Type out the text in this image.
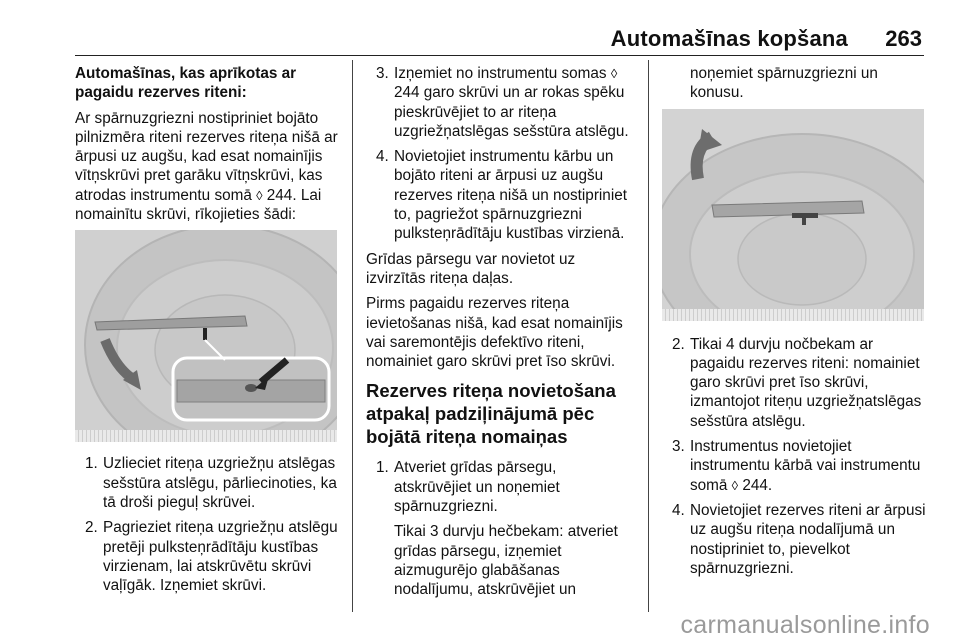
Automašīnas kopšana 263

Automašīnas, kas aprīkotas ar pagaidu rezerves riteni:

Ar spārnuzgriezni nostipriniet bojāto pilnizmēra riteni rezerves riteņa nišā ar ārpusi uz augšu, kad esat nomainījis vītņskrūvi pret garāku vītņskrūvi, kas atrodas instrumentu somā ◊ 244. Lai nomainītu skrūvi, rīkojieties šādi:

1. Uzlieciet riteņa uzgriežņu atslēgas sešstūra atslēgu, pārliecinoties, ka tā droši pieguļ skrūvei.
2. Pagrieziet riteņa uzgriežņu atslēgu pretēji pulksteņrādītāju kustības virzienam, lai atskrūvētu skrūvi vaļīgāk. Izņemiet skrūvi.
3. Izņemiet no instrumentu somas ◊ 244 garo skrūvi un ar rokas spēku pieskrūvējiet to ar riteņa uzgriežņatslēgas sešstūra atslēgu.
4. Novietojiet instrumentu kārbu un bojāto riteni ar ārpusi uz augšu rezerves riteņa nišā un nostipriniet to, pagriežot spārnuzgriezni pulksteņrādītāju kustības virzienā.

Grīdas pārsegu var novietot uz izvirzītās riteņa daļas.

Pirms pagaidu rezerves riteņa ievietošanas nišā, kad esat nomainījis vai saremontējis defektīvo riteni, nomainiet garo skrūvi pret īso skrūvi.

Rezerves riteņa novietošana atpakaļ padziļinājumā pēc bojātā riteņa nomaiņas
1. Atveriet grīdas pārsegu, atskrūvējiet un noņemiet spārnuzgriezni.

Tikai 3 durvju hečbekam: atveriet grīdas pārsegu, izņemiet aizmugurējo glabāšanas nodalījumu, atskrūvējiet un

noņemiet spārnuzgriezni un konusu.

2. Tikai 4 durvju nočbekam ar pagaidu rezerves riteni: nomainiet garo skrūvi pret īso skrūvi, izmantojot riteņu uzgriežņatslēgas sešstūra atslēgu.
3. Instrumentus novietojiet instrumentu kārbā vai instrumentu somā ◊ 244.
4. Novietojiet rezerves riteni ar ārpusi uz augšu riteņa nodalījumā un nostipriniet to, pievelkot spārnuzgriezni.
carmanualsonline.info
